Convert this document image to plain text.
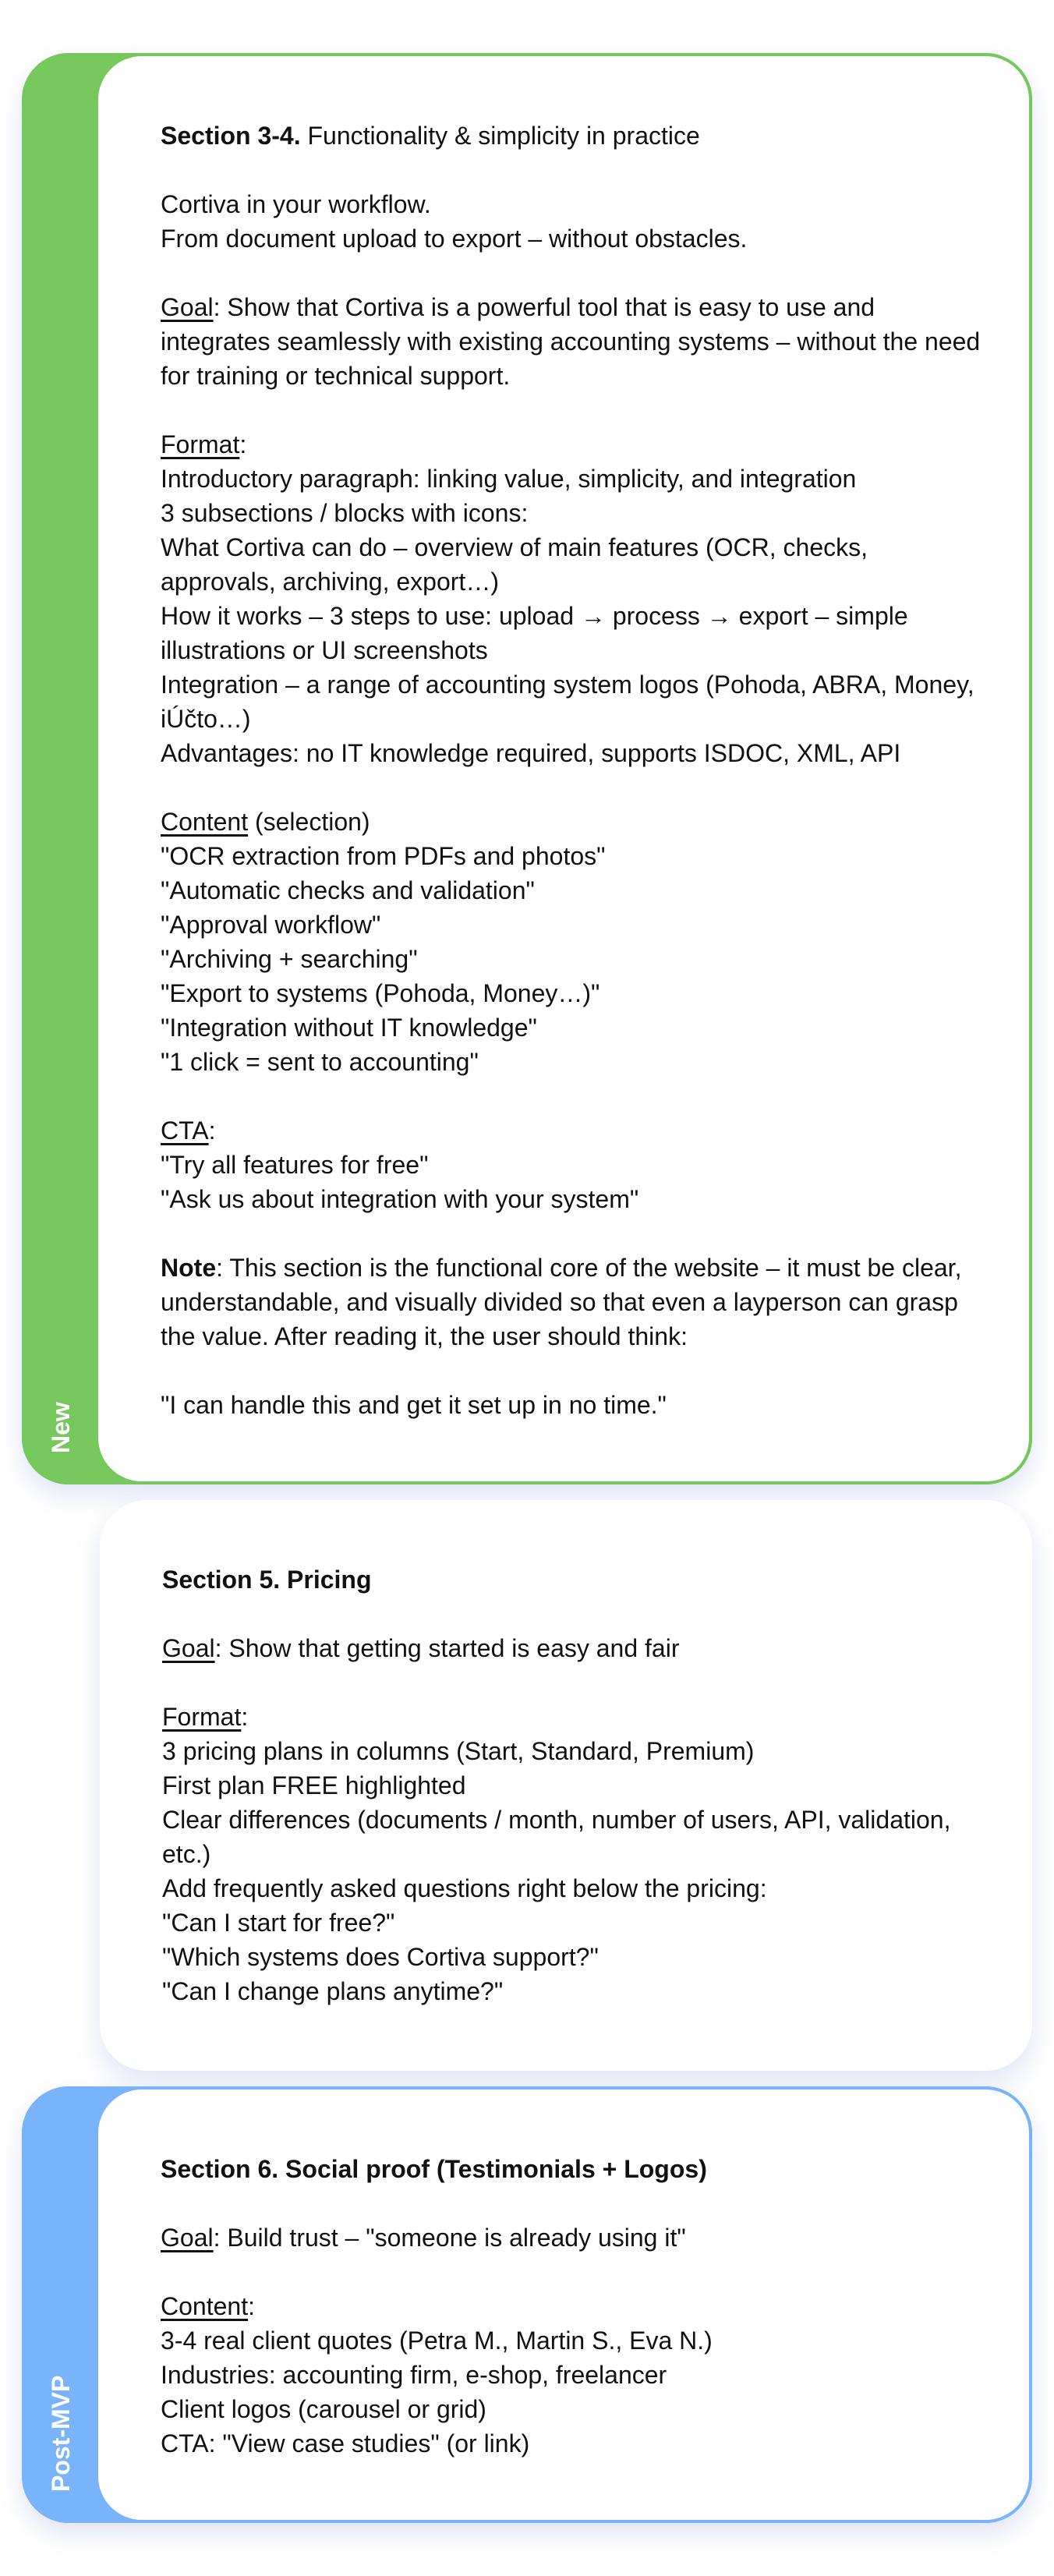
New

Section 3-4. Functionality & simplicity in practice

Cortiva in your workflow.

From document upload to export – without obstacles.

Goal: Show that Cortiva is a powerful tool that is easy to use and integrates seamlessly with existing accounting systems – without the need for training or technical support.

Format:

Introductory paragraph: linking value, simplicity, and integration

3 subsections / blocks with icons:

What Cortiva can do – overview of main features (OCR, checks, approvals, archiving, export…)

How it works – 3 steps to use: upload → process → export – simple illustrations or UI screenshots

Integration – a range of accounting system logos (Pohoda, ABRA, Money, iÚčto…)

Advantages: no IT knowledge required, supports ISDOC, XML, API

Content (selection)

"OCR extraction from PDFs and photos"

"Automatic checks and validation"

"Approval workflow"

"Archiving + searching"

"Export to systems (Pohoda, Money…)"

"Integration without IT knowledge"

"1 click = sent to accounting"

CTA:

"Try all features for free"

"Ask us about integration with your system"

Note: This section is the functional core of the website – it must be clear, understandable, and visually divided so that even a layperson can grasp the value. After reading it, the user should think:

"I can handle this and get it set up in no time."

Section 5. Pricing

Goal: Show that getting started is easy and fair

Format:

3 pricing plans in columns (Start, Standard, Premium)

First plan FREE highlighted

Clear differences (documents / month, number of users, API, validation, etc.)

Add frequently asked questions right below the pricing:

"Can I start for free?"

"Which systems does Cortiva support?"

"Can I change plans anytime?"

Post-MVP

Section 6. Social proof (Testimonials + Logos)

Goal: Build trust – "someone is already using it"

Content:

3-4 real client quotes (Petra M., Martin S., Eva N.)

Industries: accounting firm, e-shop, freelancer

Client logos (carousel or grid)

CTA: "View case studies" (or link)
